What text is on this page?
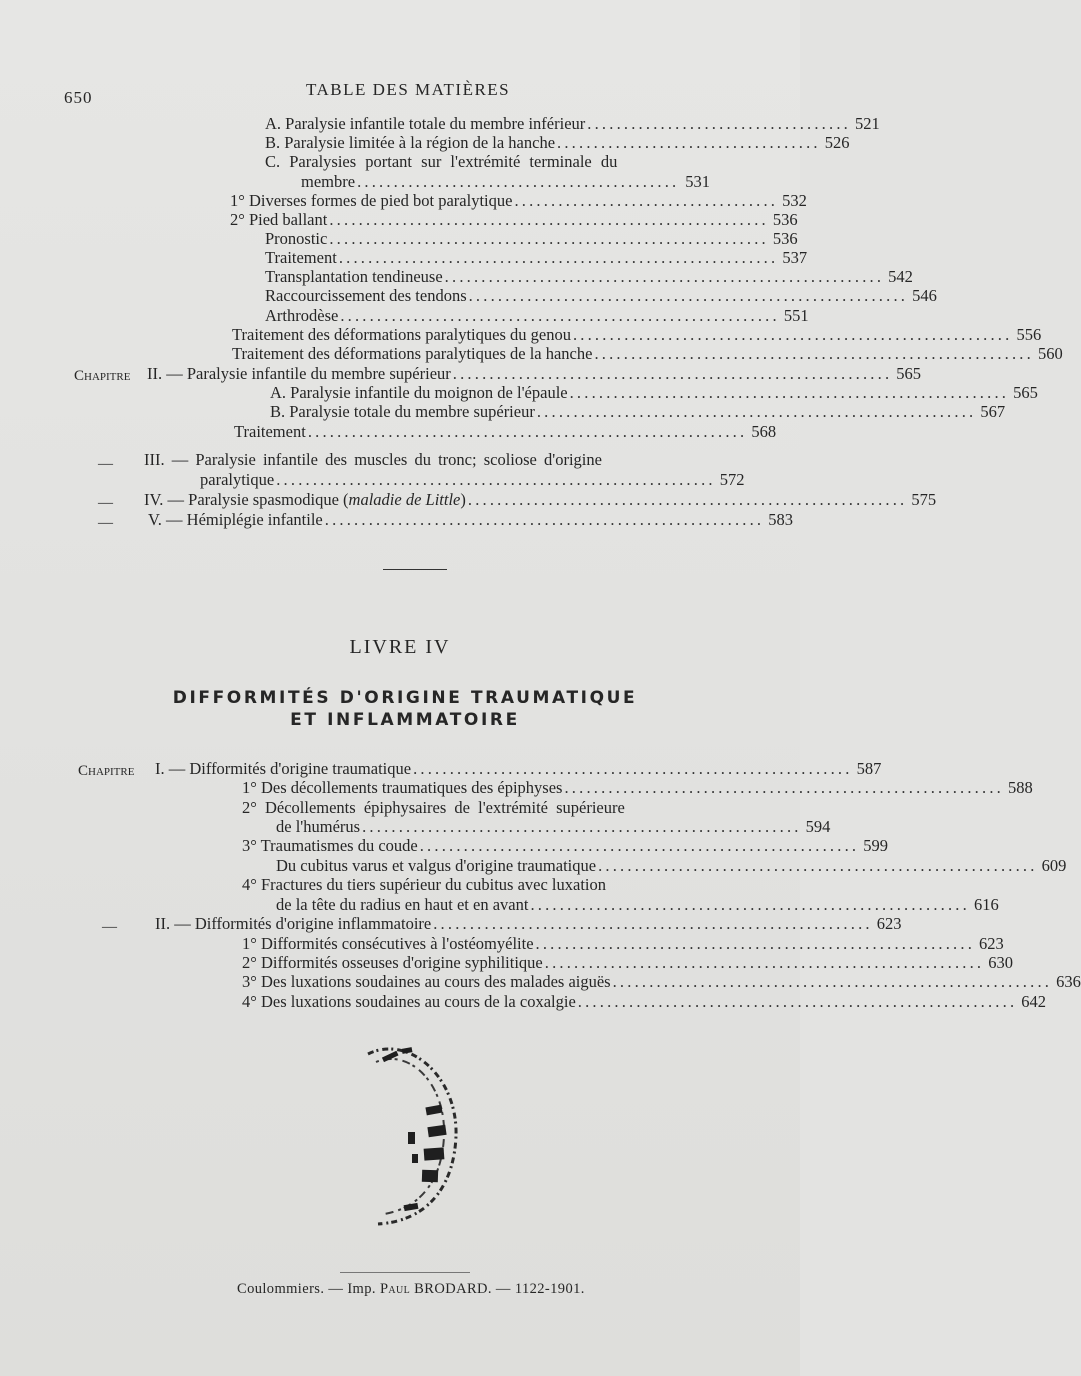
650	TABLE DES MATIÈRES
A. Paralysie infantile totale du membre inférieur .................................... 521
B. Paralysie limitée à la région de la hanche .................................... 526
C. Paralysies portant sur l'extrémité terminale du
membre ............................................ 531
1° Diverses formes de pied bot paralytique .................................... 532
2° Pied ballant ............................................................ 536
Pronostic ............................................................ 536
Traitement ............................................................ 537
Transplantation tendineuse ............................................................ 542
Raccourcissement des tendons ............................................................ 546
Arthrodèse ............................................................ 551
Traitement des déformations paralytiques du genou ............................................................ 556
Traitement des déformations paralytiques de la hanche ............................................................ 560
Chapitre II. — Paralysie infantile du membre supérieur ............................................................ 565
A. Paralysie infantile du moignon de l'épaule ............................................................ 565
B. Paralysie totale du membre supérieur ............................................................ 567
Traitement ............................................................ 568
— III. — Paralysie infantile des muscles du tronc; scoliose d'origine
paralytique ............................................................ 572
— IV. — Paralysie spasmodique (maladie de Little) ............................................................ 575
— V. — Hémiplégie infantile ............................................................ 583
LIVRE IV
DIFFORMITÉS D'ORIGINE TRAUMATIQUE
ET INFLAMMATOIRE
Chapitre I. — Difformités d'origine traumatique ............................................................ 587
1° Des décollements traumatiques des épiphyses ............................................................ 588
2° Décollements épiphysaires de l'extrémité supérieure
de l'humérus ............................................................ 594
3° Traumatismes du coude ............................................................ 599
Du cubitus varus et valgus d'origine traumatique ............................................................ 609
4° Fractures du tiers supérieur du cubitus avec luxation
de la tête du radius en haut et en avant ............................................................ 616
— II. — Difformités d'origine inflammatoire ............................................................ 623
1° Difformités consécutives à l'ostéomyélite ............................................................ 623
2° Difformités osseuses d'origine syphilitique ............................................................ 630
3° Des luxations soudaines au cours des malades aiguës ............................................................ 636
4° Des luxations soudaines au cours de la coxalgie ............................................................ 642
Coulommiers. — Imp. Paul BRODARD. — 1122-1901.
